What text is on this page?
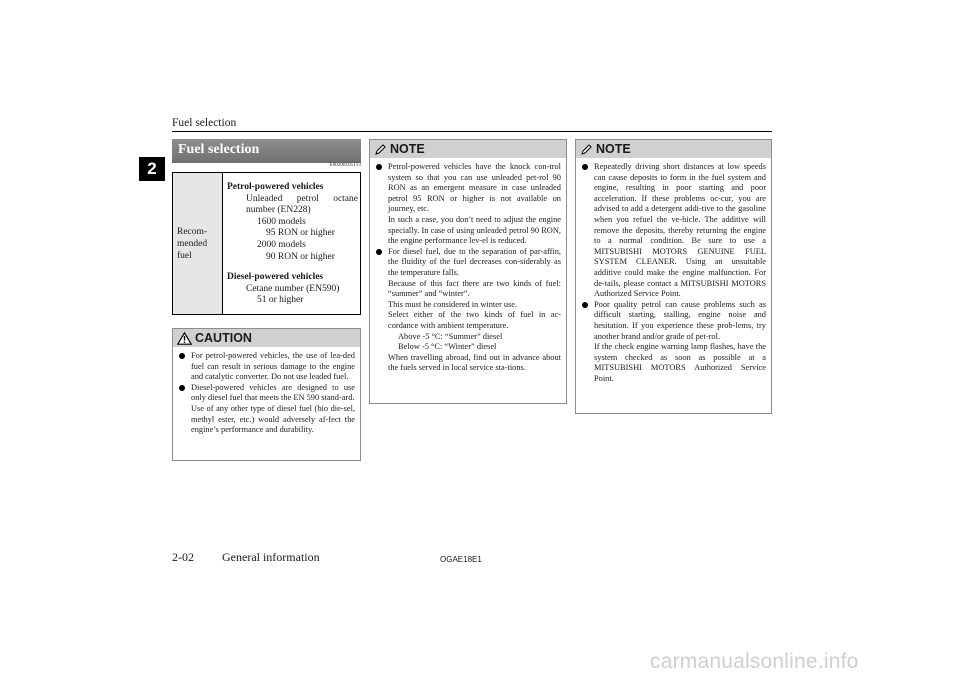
Fuel selection
2
Fuel selection
E00200105113
Recom-
mended
fuel

Petrol-powered vehicles
Unleaded petrol octane
number (EN228)
1600 models
95 RON or higher
2000 models
90 RON or higher
Diesel-powered vehicles
Cetane number (EN590)
51 or higher
CAUTION

For petrol-powered vehicles, the use of lea-ded fuel can result in serious damage to the engine and catalytic converter. Do not use leaded fuel.

Diesel-powered vehicles are designed to use only diesel fuel that meets the EN 590 stand-ard.

Use of any other type of diesel fuel (bio die-sel, methyl ester, etc.) would adversely af-fect the engine’s performance and durability.

NOTE

Petrol-powered vehicles have the knock con-trol system so that you can use unleaded pet-rol 90 RON as an emergent measure in case unleaded petrol 95 RON or higher is not available on journey, etc.

In such a case, you don’t need to adjust the engine specially. In case of using unleaded petrol 90 RON, the engine performance lev-el is reduced.

For diesel fuel, due to the separation of par-affin, the fluidity of the fuel decreases con-siderably as the temperature falls.

Because of this fact there are two kinds of fuel: “summer” and “winter”.

This must be considered in winter use.

Select either of the two kinds of fuel in ac-cordance with ambient temperature.

Above -5 °C: “Summer” diesel
Below -5 °C: “Winter” diesel

When travelling abroad, find out in advance about the fuels served in local service sta-tions.

NOTE

Repeatedly driving short distances at low speeds can cause deposits to form in the fuel system and engine, resulting in poor starting and poor acceleration. If these problems oc-cur, you are advised to add a detergent addi-tive to the gasoline when you refuel the ve-hicle. The additive will remove the deposits, thereby returning the engine to a normal condition. Be sure to use a MITSUBISHI MOTORS GENUINE FUEL SYSTEM CLEANER. Using an unsuitable additive could make the engine malfunction. For de-tails, please contact a MITSUBISHI MOTORS Authorized Service Point.

Poor quality petrol can cause problems such as difficult starting, stalling, engine noise and hesitation. If you experience these prob-lems, try another brand and/or grade of pet-rol.

If the check engine warning lamp flashes, have the system checked as soon as possible at a MITSUBISHI MOTORS Authorized Service Point.

2-02 General information	OGAE18E1
carmanualsonline.info
